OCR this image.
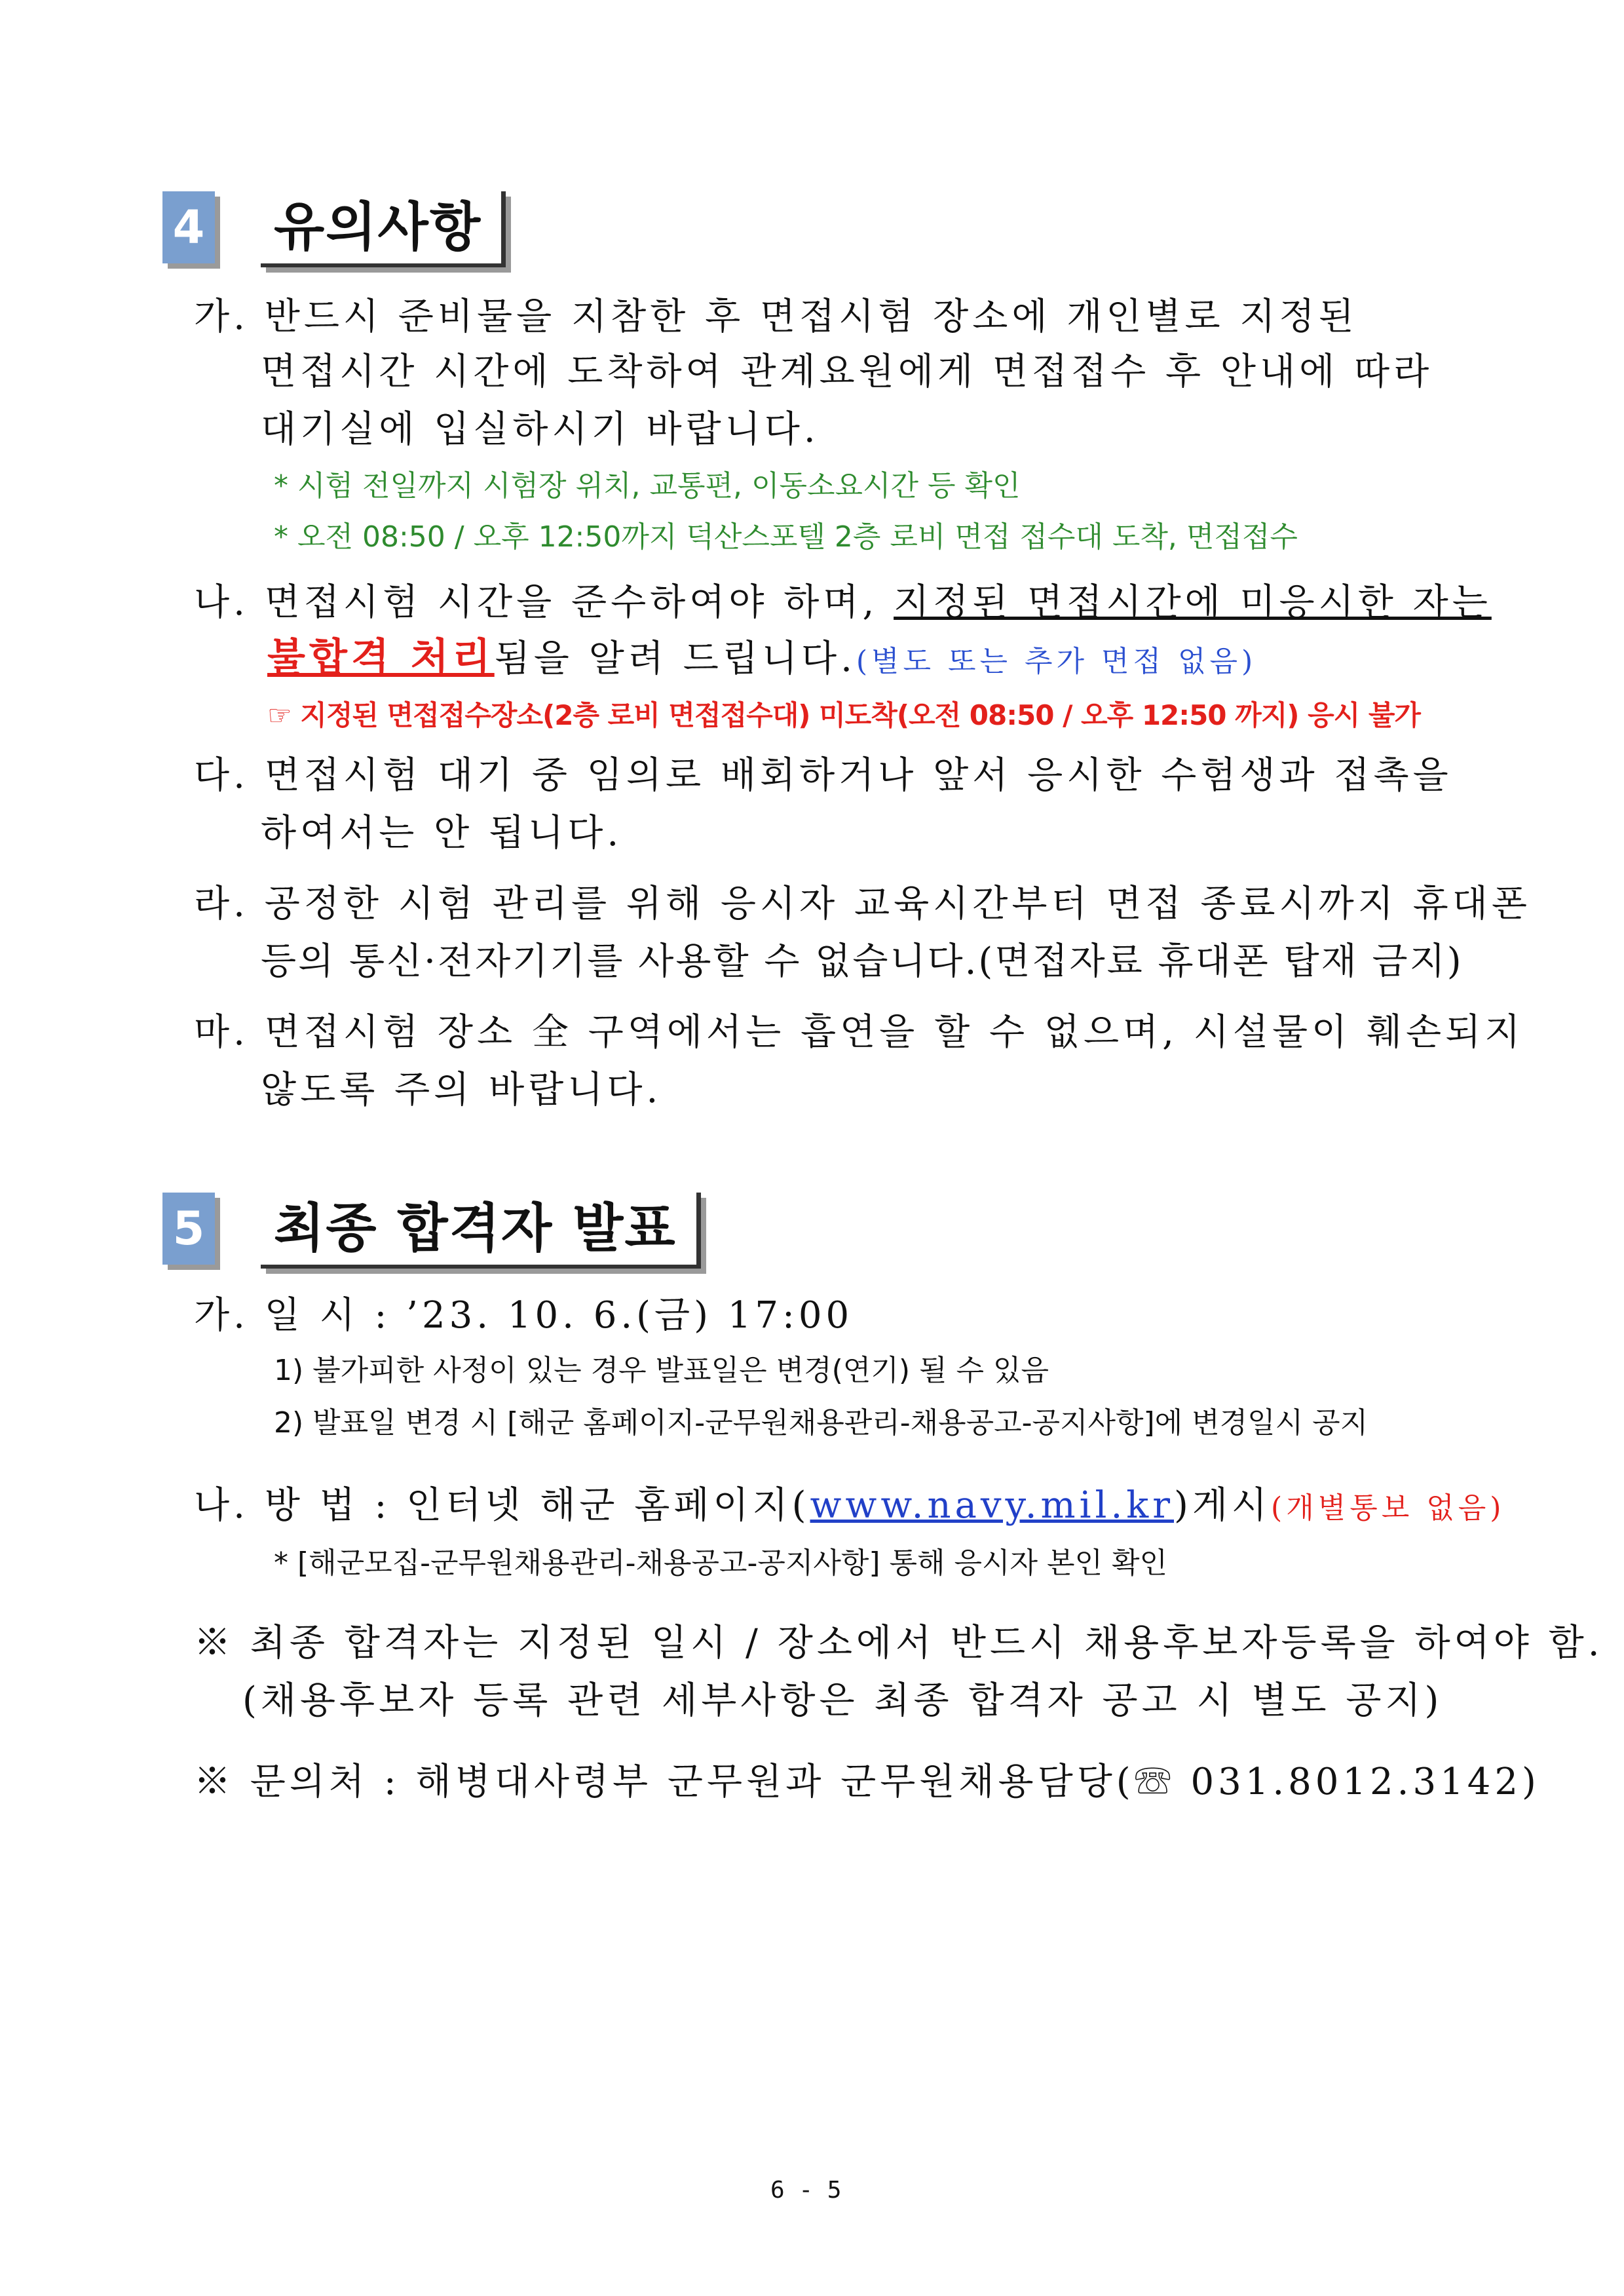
4 유의사항
가. 반드시 준비물을 지참한 후 면접시험 장소에 개인별로 지정된
면접시간 시간에 도착하여 관계요원에게 면접접수 후 안내에 따라
대기실에 입실하시기 바랍니다.
* 시험 전일까지 시험장 위치, 교통편, 이동소요시간 등 확인
* 오전 08:50 / 오후 12:50까지 덕산스포텔 2층 로비 면접 접수대 도착, 면접접수
나. 면접시험 시간을 준수하여야 하며, 지정된 면접시간에 미응시한 자는
불합격 처리됨을 알려 드립니다.(별도 또는 추가 면접 없음)
☞ 지정된 면접접수장소(2층 로비 면접접수대) 미도착(오전 08:50 / 오후 12:50 까지) 응시 불가
다. 면접시험 대기 중 임의로 배회하거나 앞서 응시한 수험생과 접촉을
하여서는 안 됩니다.
라. 공정한 시험 관리를 위해 응시자 교육시간부터 면접 종료시까지 휴대폰
등의 통신·전자기기를 사용할 수 없습니다.(면접자료 휴대폰 탑재 금지)
마. 면접시험 장소 全 구역에서는 흡연을 할 수 없으며, 시설물이 훼손되지
않도록 주의 바랍니다.
5 최종 합격자 발표
가. 일 시 : ’23. 10. 6.(금) 17:00
1) 불가피한 사정이 있는 경우 발표일은 변경(연기) 될 수 있음
2) 발표일 변경 시 [해군 홈페이지-군무원채용관리-채용공고-공지사항]에 변경일시 공지
나. 방 법 : 인터넷 해군 홈페이지(www.navy.mil.kr)게시(개별통보 없음)
* [해군모집-군무원채용관리-채용공고-공지사항] 통해 응시자 본인 확인
※ 최종 합격자는 지정된 일시 / 장소에서 반드시 채용후보자등록을 하여야 함.
(채용후보자 등록 관련 세부사항은 최종 합격자 공고 시 별도 공지)
※ 문의처 : 해병대사령부 군무원과 군무원채용담당(☏ 031.8012.3142)
6 - 5
